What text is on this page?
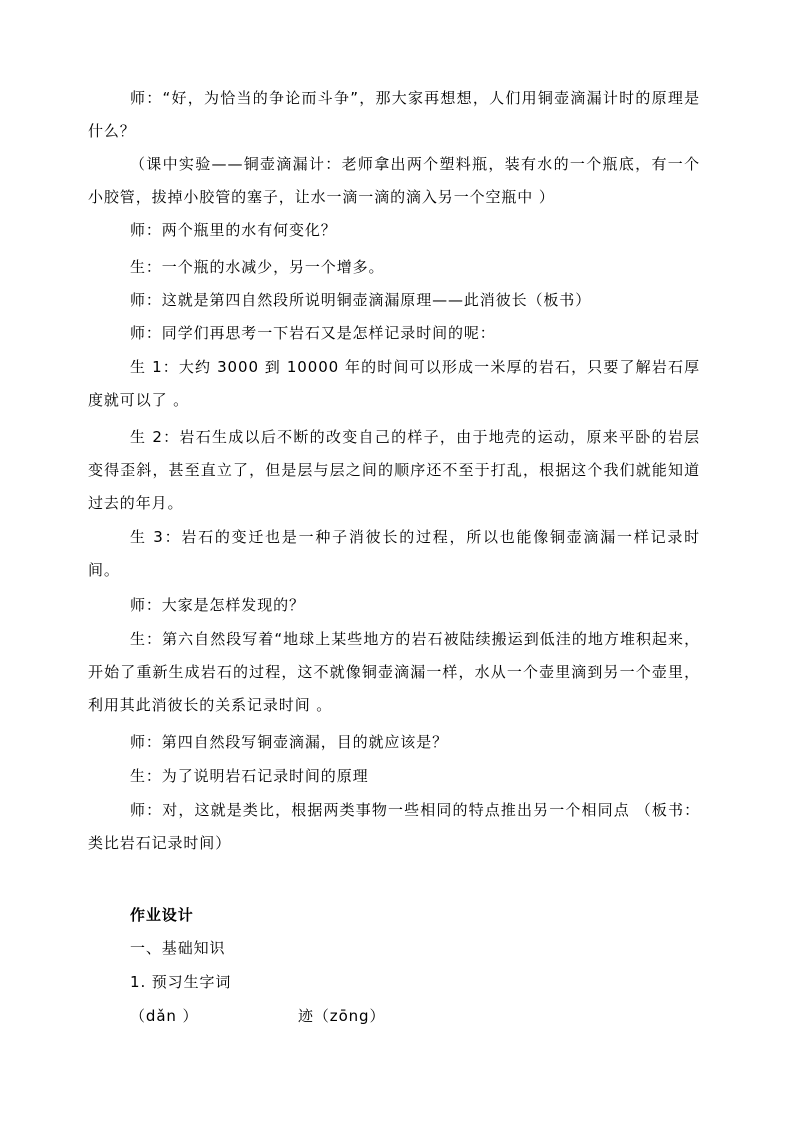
师：“好，为恰当的争论而斗争”，那大家再想想，人们用铜壶滴漏计时的原理是什么？
（课中实验——铜壶滴漏计：老师拿出两个塑料瓶，装有水的一个瓶底，有一个小胶管，拔掉小胶管的塞子，让水一滴一滴的滴入另一个空瓶中 ）
师：两个瓶里的水有何变化？
生：一个瓶的水减少，另一个增多。
师：这就是第四自然段所说明铜壶滴漏原理——此消彼长（板书）
师：同学们再思考一下岩石又是怎样记录时间的呢：
生 1：大约 3000 到 10000 年的时间可以形成一米厚的岩石，只要了解岩石厚度就可以了 。
生 2：岩石生成以后不断的改变自己的样子，由于地壳的运动，原来平卧的岩层变得歪斜，甚至直立了，但是层与层之间的顺序还不至于打乱，根据这个我们就能知道过去的年月。
生 3：岩石的变迁也是一种子消彼长的过程，所以也能像铜壶滴漏一样记录时间。
师：大家是怎样发现的？
生：第六自然段写着“地球上某些地方的岩石被陆续搬运到低洼的地方堆积起来，开始了重新生成岩石的过程，这不就像铜壶滴漏一样，水从一个壶里滴到另一个壶里，利用其此消彼长的关系记录时间 。
师：第四自然段写铜壶滴漏，目的就应该是？
生：为了说明岩石记录时间的原理
师：对，这就是类比，根据两类事物一些相同的特点推出另一个相同点 （板书：类比岩石记录时间）
作业设计
一、基础知识
1. 预习生字词
（dǎn ）	迹（zōng）
